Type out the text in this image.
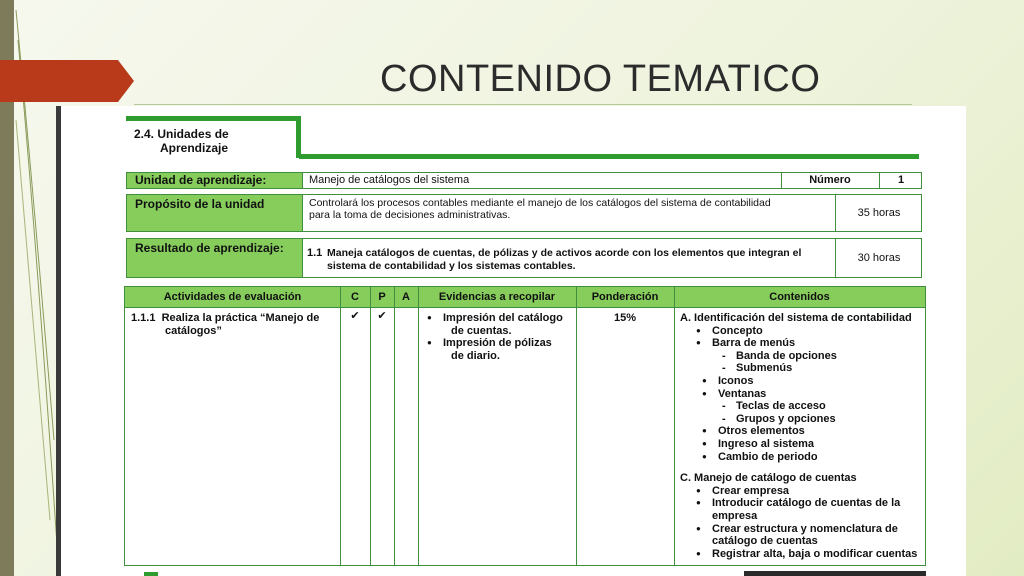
CONTENIDO TEMATICO
2.4. Unidades de
Aprendizaje
Unidad de aprendizaje:	Manejo de catálogos del sistema	Número	1
Propósito de la unidad	Controlará los procesos contables mediante el manejo de los catálogos del sistema de contabilidad
para la toma de decisiones administrativas.	35 horas
Resultado de aprendizaje:	1.1 Maneja catálogos de cuentas, de pólizas y de activos acorde con los elementos que integran el
sistema de contabilidad y los sistemas contables.
30 horas
Actividades de evaluación	C	P	A	Evidencias a recopilar	Ponderación	Contenidos
1.1.1 Realiza la práctica “Manejo de
catálogos”
✔	✔
●	Impresión del catálogo
de cuentas.
● Impresión de pólizas
de diario.
15%	A. Identificación del sistema de contabilidad
● Concepto
● Barra de menús
- Banda de opciones
- Submenús
● Iconos
● Ventanas
- Teclas de acceso
- Grupos y opciones
● Otros elementos
● Ingreso al sistema
● Cambio de periodo
C. Manejo de catálogo de cuentas
● Crear empresa
● Introducir catálogo de cuentas de la
empresa
● Crear estructura y nomenclatura de
catálogo de cuentas
● Registrar alta, baja o modificar cuentas
